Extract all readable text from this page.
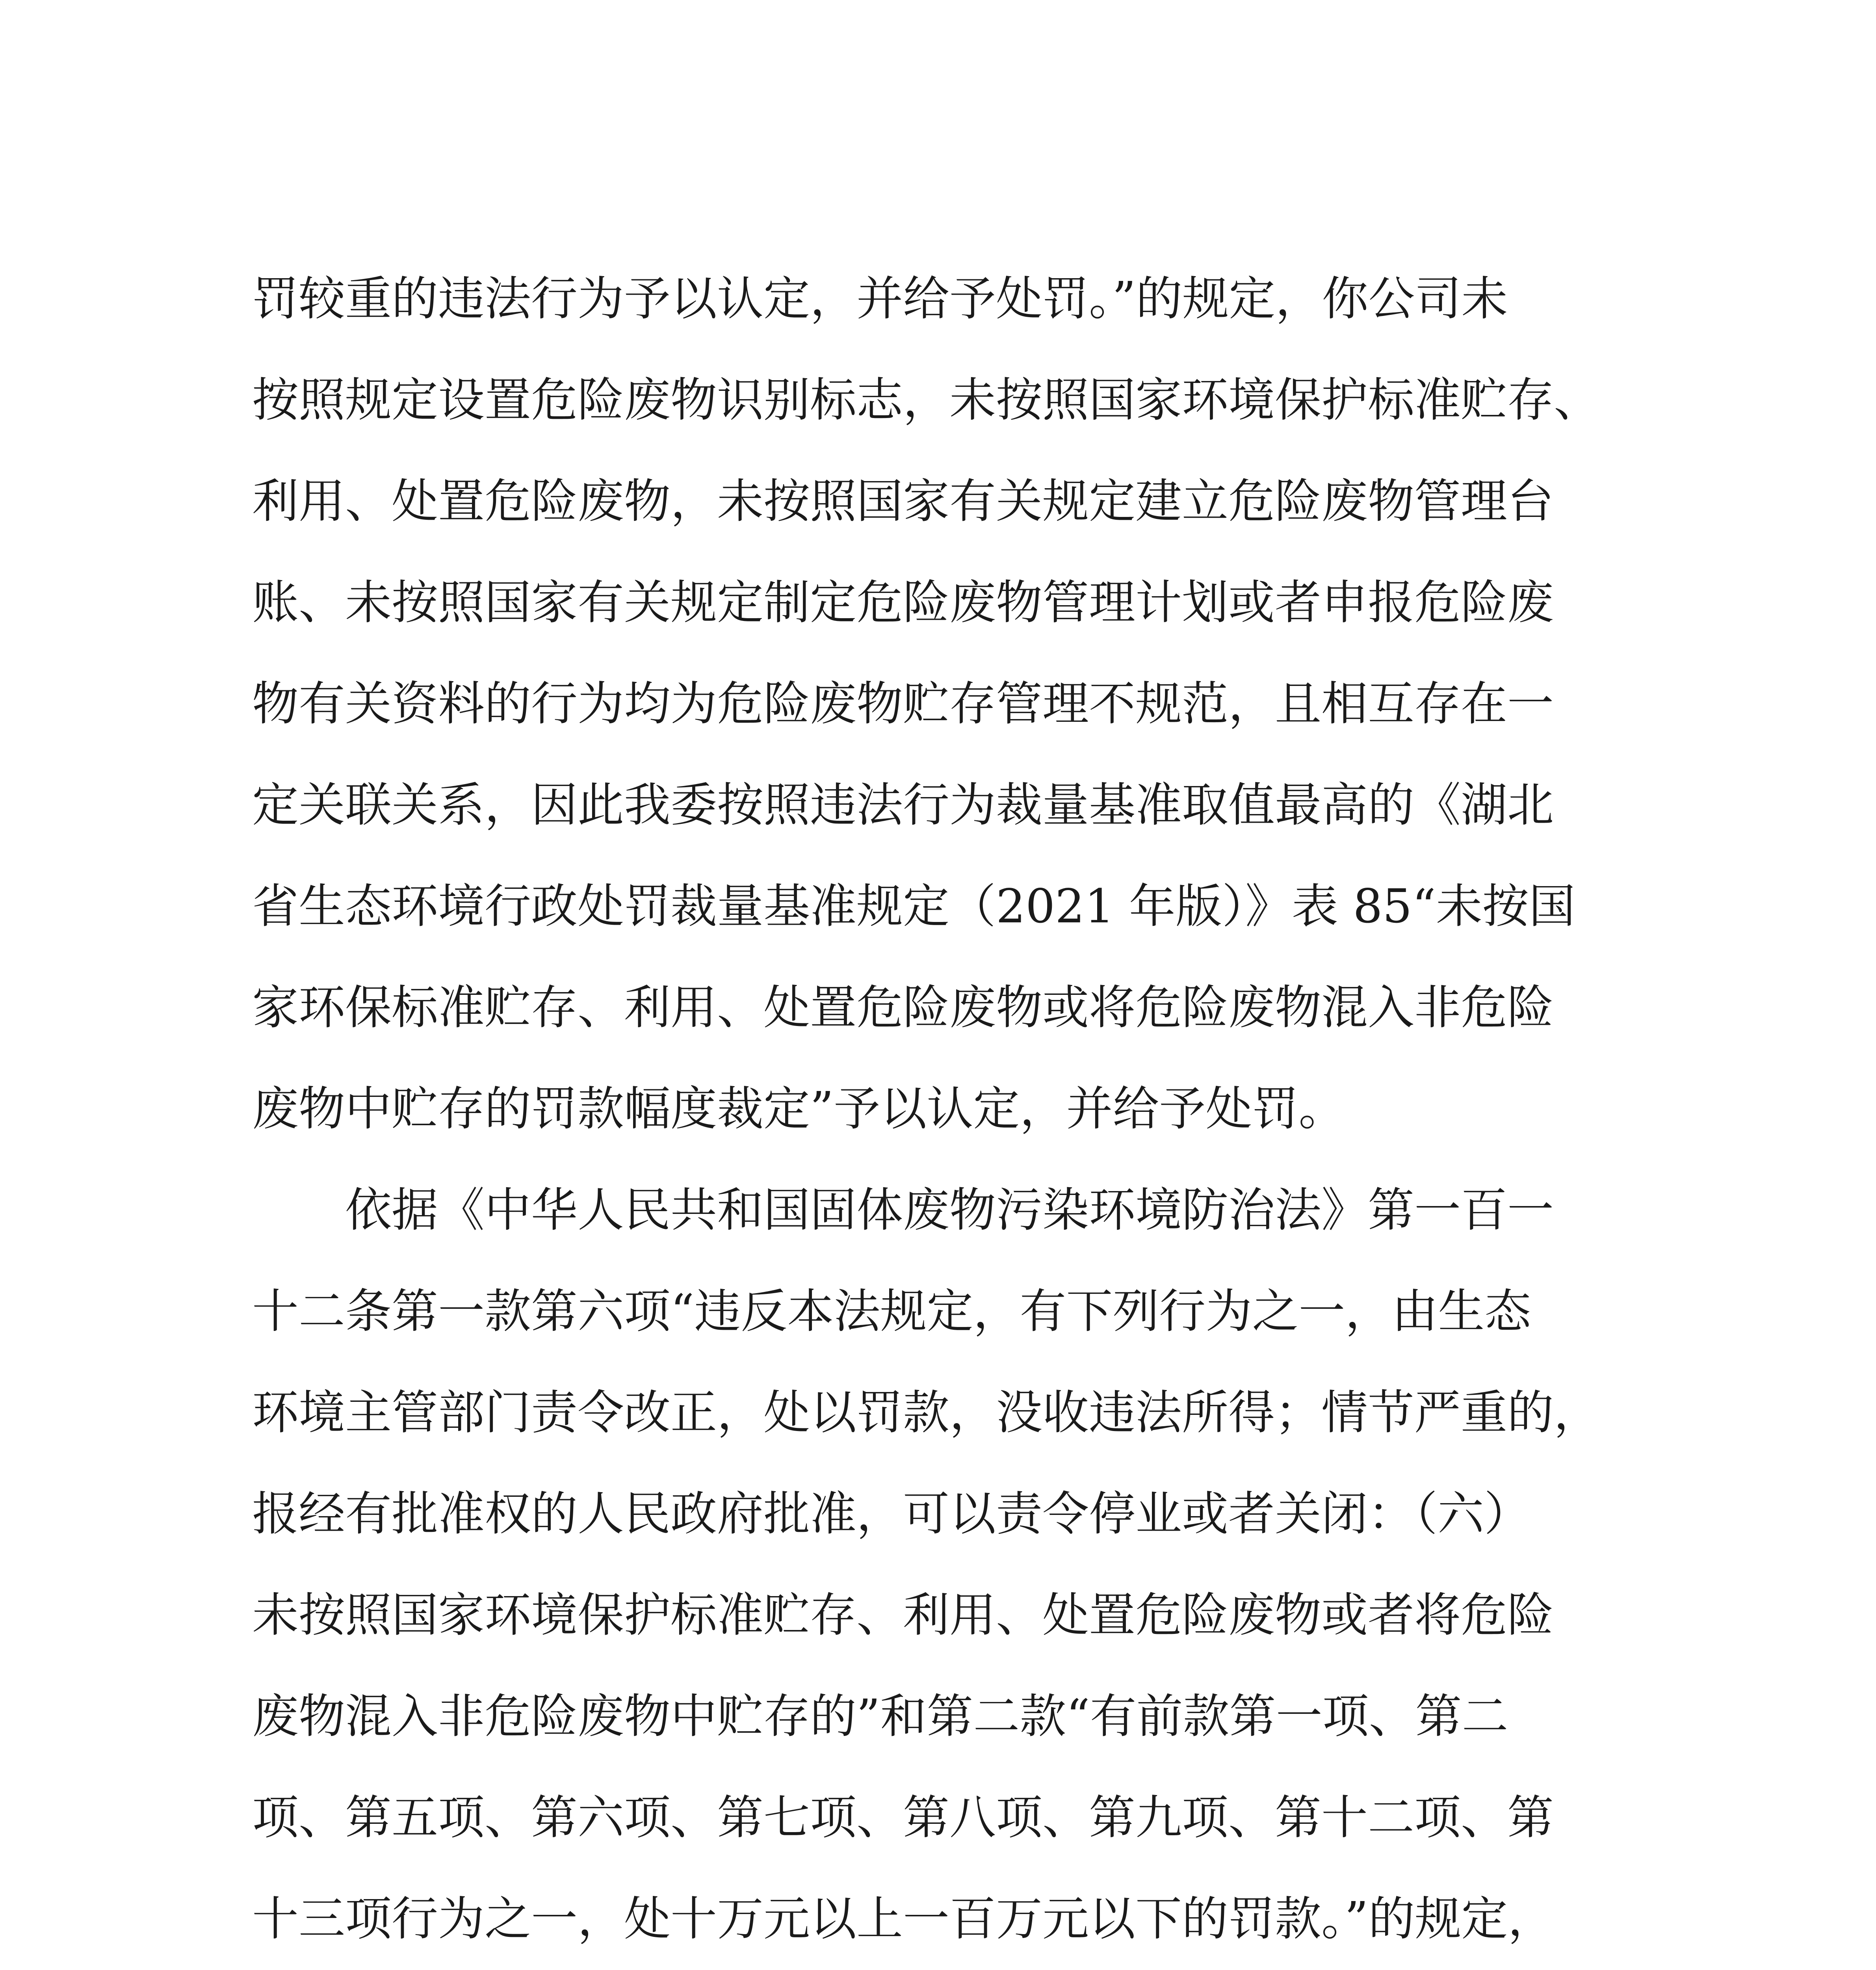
罚较重的违法行为予以认定，并给予处罚。”的规定，你公司未
按照规定设置危险废物识别标志，未按照国家环境保护标准贮存、
利用、处置危险废物，未按照国家有关规定建立危险废物管理台
账、未按照国家有关规定制定危险废物管理计划或者申报危险废
物有关资料的行为均为危险废物贮存管理不规范，且相互存在一
定关联关系，因此我委按照违法行为裁量基准取值最高的《湖北
省生态环境行政处罚裁量基准规定（2021 年版）》表 85“未按国
家环保标准贮存、利用、处置危险废物或将危险废物混入非危险
废物中贮存的罚款幅度裁定”予以认定，并给予处罚。
依据《中华人民共和国固体废物污染环境防治法》第一百一
十二条第一款第六项“违反本法规定，有下列行为之一，由生态
环境主管部门责令改正，处以罚款，没收违法所得；情节严重的，
报经有批准权的人民政府批准，可以责令停业或者关闭：（六）
未按照国家环境保护标准贮存、利用、处置危险废物或者将危险
废物混入非危险废物中贮存的”和第二款“有前款第一项、第二
项、第五项、第六项、第七项、第八项、第九项、第十二项、第
十三项行为之一，处十万元以上一百万元以下的罚款。”的规定，
